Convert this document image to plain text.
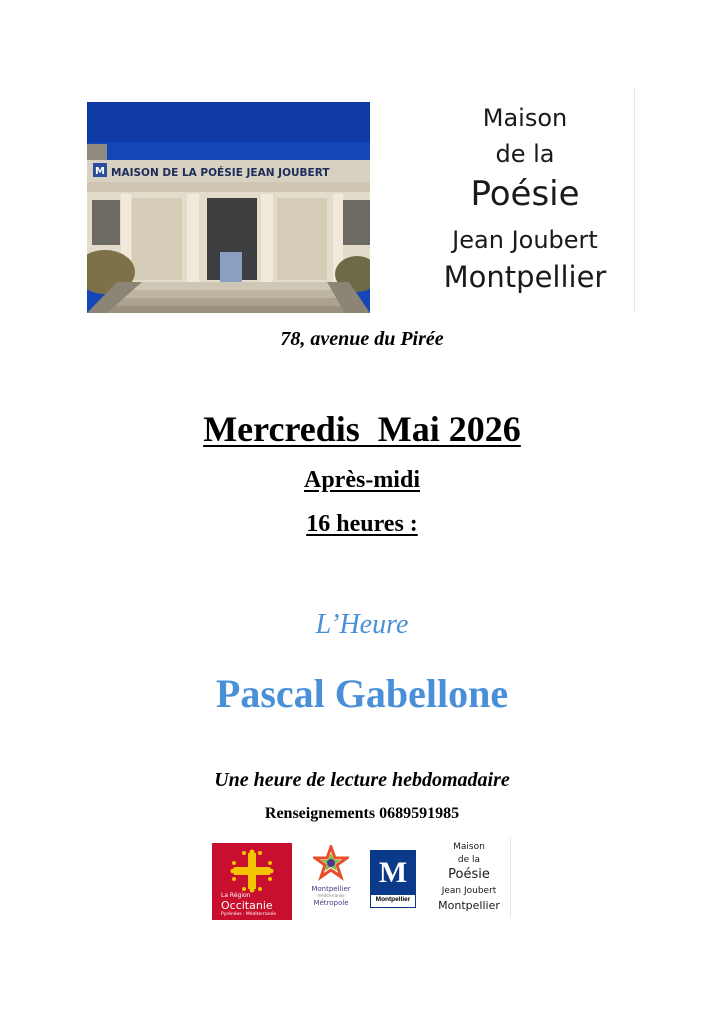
M MAISON DE LA POÉSIE JEAN JOUBERT
Maison
de la
Poésie
Jean Joubert
Montpellier
78, avenue du Pirée
Mercredis  Mai 2026
Après-midi
16 heures :
L’Heure
Pascal Gabellone
Une heure de lecture hebdomadaire
Renseignements 0689591985
La Région
Occitanie
Pyrénées · Méditerranée
Montpellier
méditerranée
Métropole
M
Montpellier
Maison
de la
Poésie
Jean Joubert
Montpellier
